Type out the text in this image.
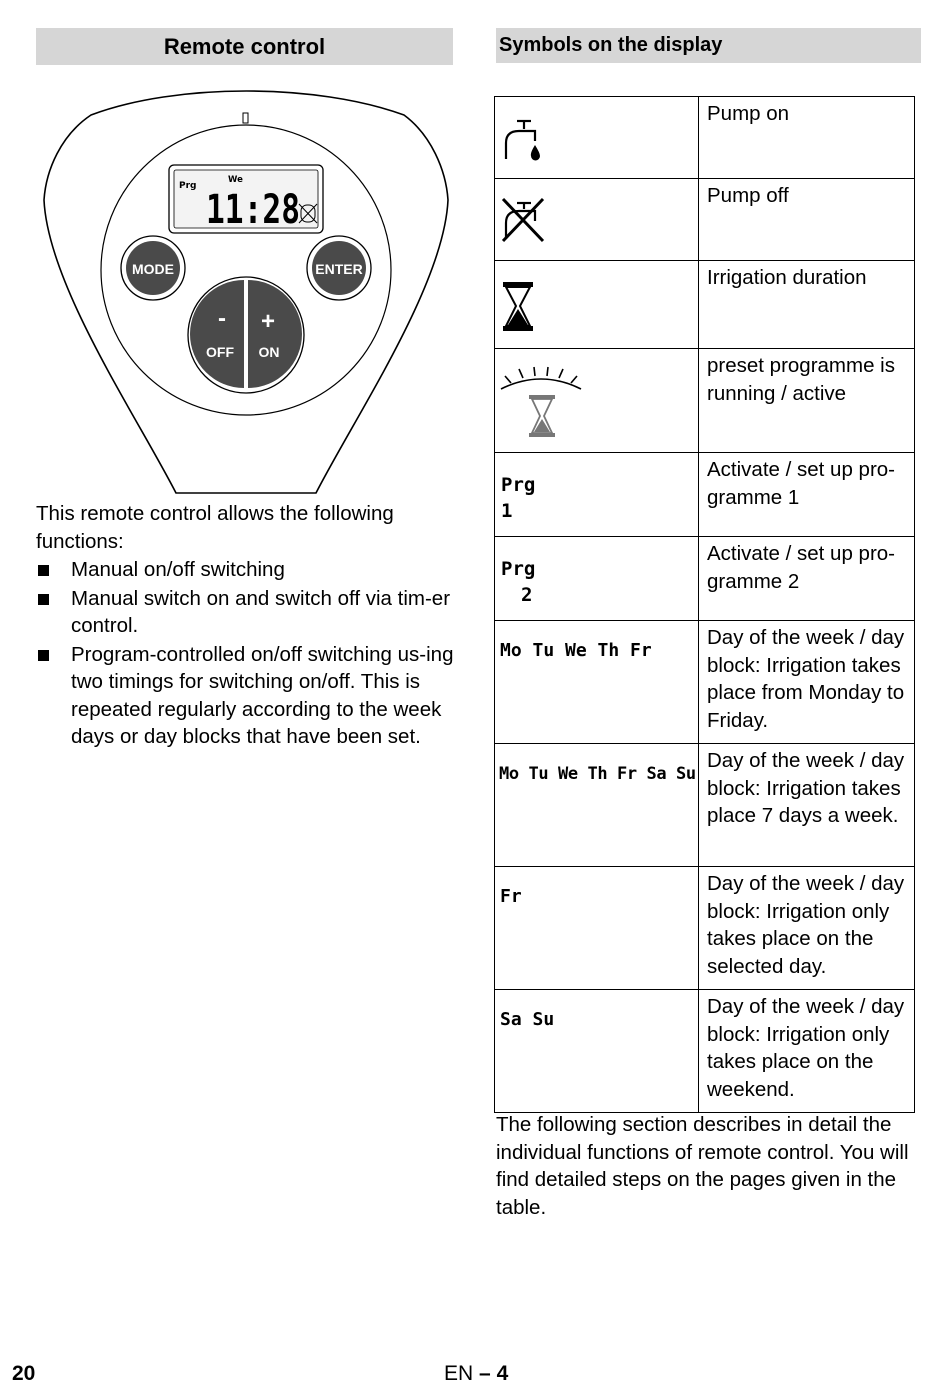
Remote control	Symbols on the display
Prg
We
11:28
MODE	ENTER
-
OFF
+
ON

This remote control allows the following functions:

Manual on/off switching
Manual switch on and switch off via tim-er control.
Program-controlled on/off switching us-ing two timings for switching on/off. This is repeated regularly according to the week days or day blocks that have been set.
	Pump on

	Pump off

	Irrigation duration

	preset programme is running / active

Prg
1	Activate / set up pro-gramme 1

Prg
2	Activate / set up pro-gramme 2

Mo Tu We Th Fr	Day of the week / day block: Irrigation takes place from Monday to Friday.

Mo Tu We Th Fr Sa Su	Day of the week / day block: Irrigation takes place 7 days a week.

Fr	Day of the week / day block: Irrigation only takes place on the selected day.

Sa Su	Day of the week / day block: Irrigation only takes place on the weekend.
The following section describes in detail the individual functions of remote control. You will find detailed steps on the pages given in the table.
20	EN – 4
